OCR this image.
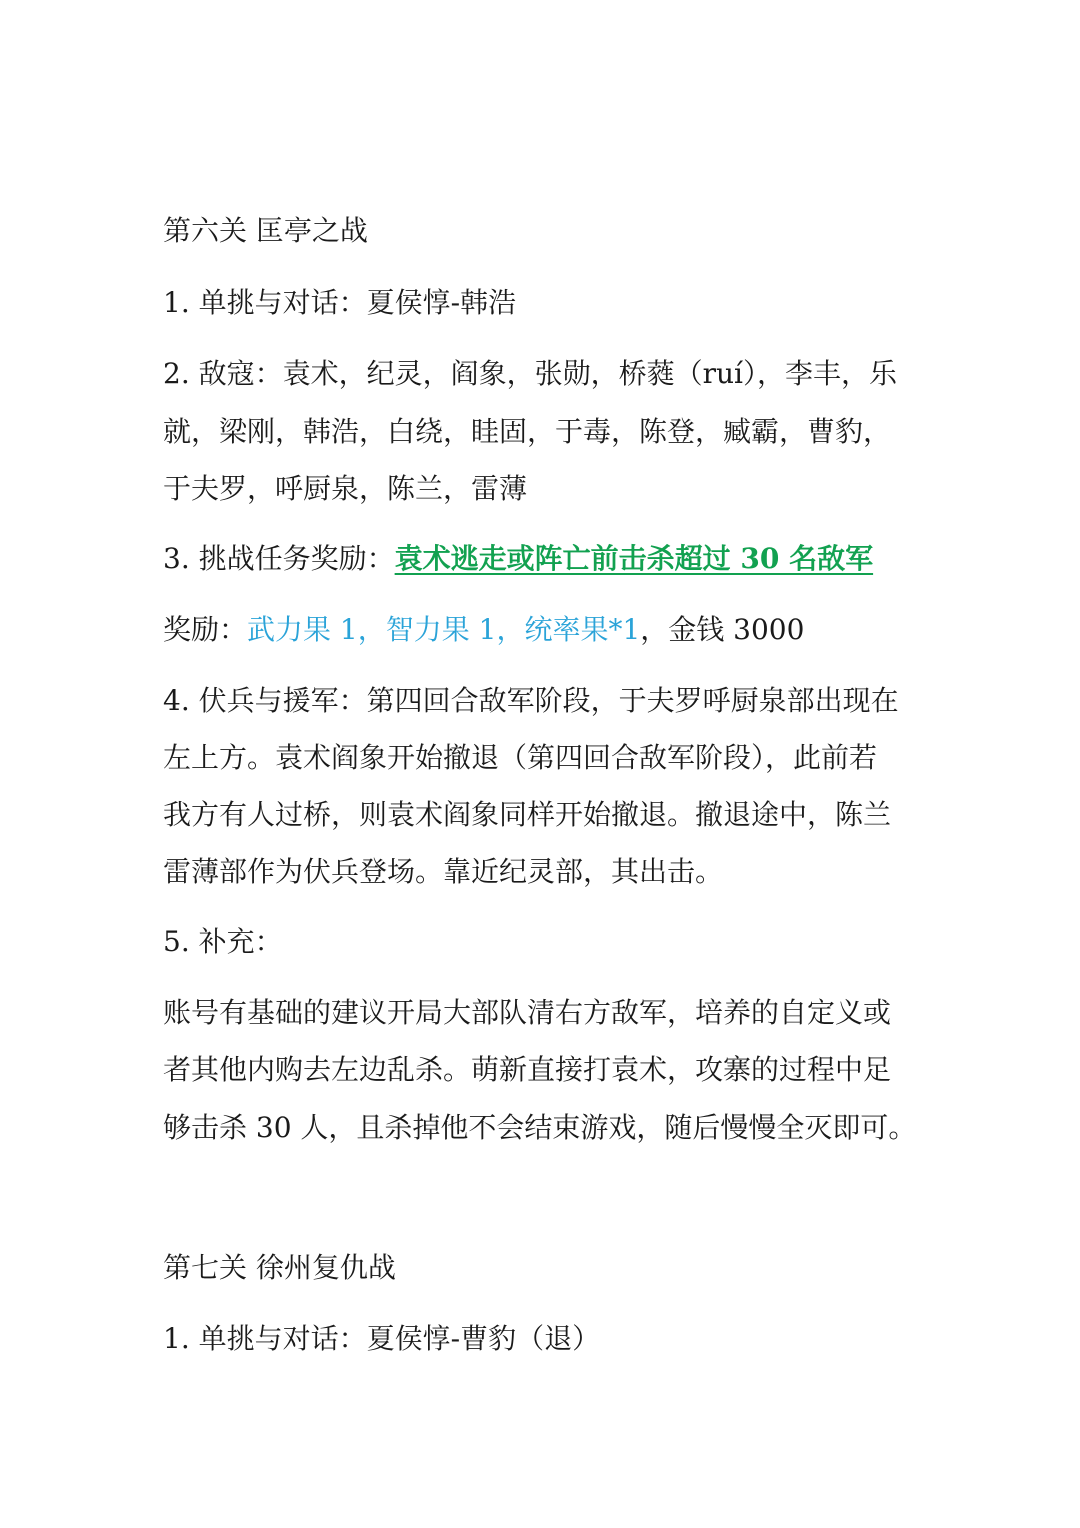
第六关 匡亭之战
1. 单挑与对话：夏侯惇-韩浩
2. 敌寇：袁术，纪灵，阎象，张勋，桥蕤（ruí），李丰，乐
就，梁刚，韩浩，白绕，眭固，于毒，陈登，臧霸，曹豹，
于夫罗，呼厨泉，陈兰，雷薄
3. 挑战任务奖励：袁术逃走或阵亡前击杀超过 30 名敌军
奖励：武力果 1，智力果 1，统率果*1，金钱 3000
4. 伏兵与援军：第四回合敌军阶段，于夫罗呼厨泉部出现在
左上方。袁术阎象开始撤退（第四回合敌军阶段），此前若
我方有人过桥，则袁术阎象同样开始撤退。撤退途中，陈兰
雷薄部作为伏兵登场。靠近纪灵部，其出击。
5. 补充：
账号有基础的建议开局大部队清右方敌军，培养的自定义或
者其他内购去左边乱杀。萌新直接打袁术，攻寨的过程中足
够击杀 30 人，且杀掉他不会结束游戏，随后慢慢全灭即可。
第七关 徐州复仇战
1. 单挑与对话：夏侯惇-曹豹（退）
